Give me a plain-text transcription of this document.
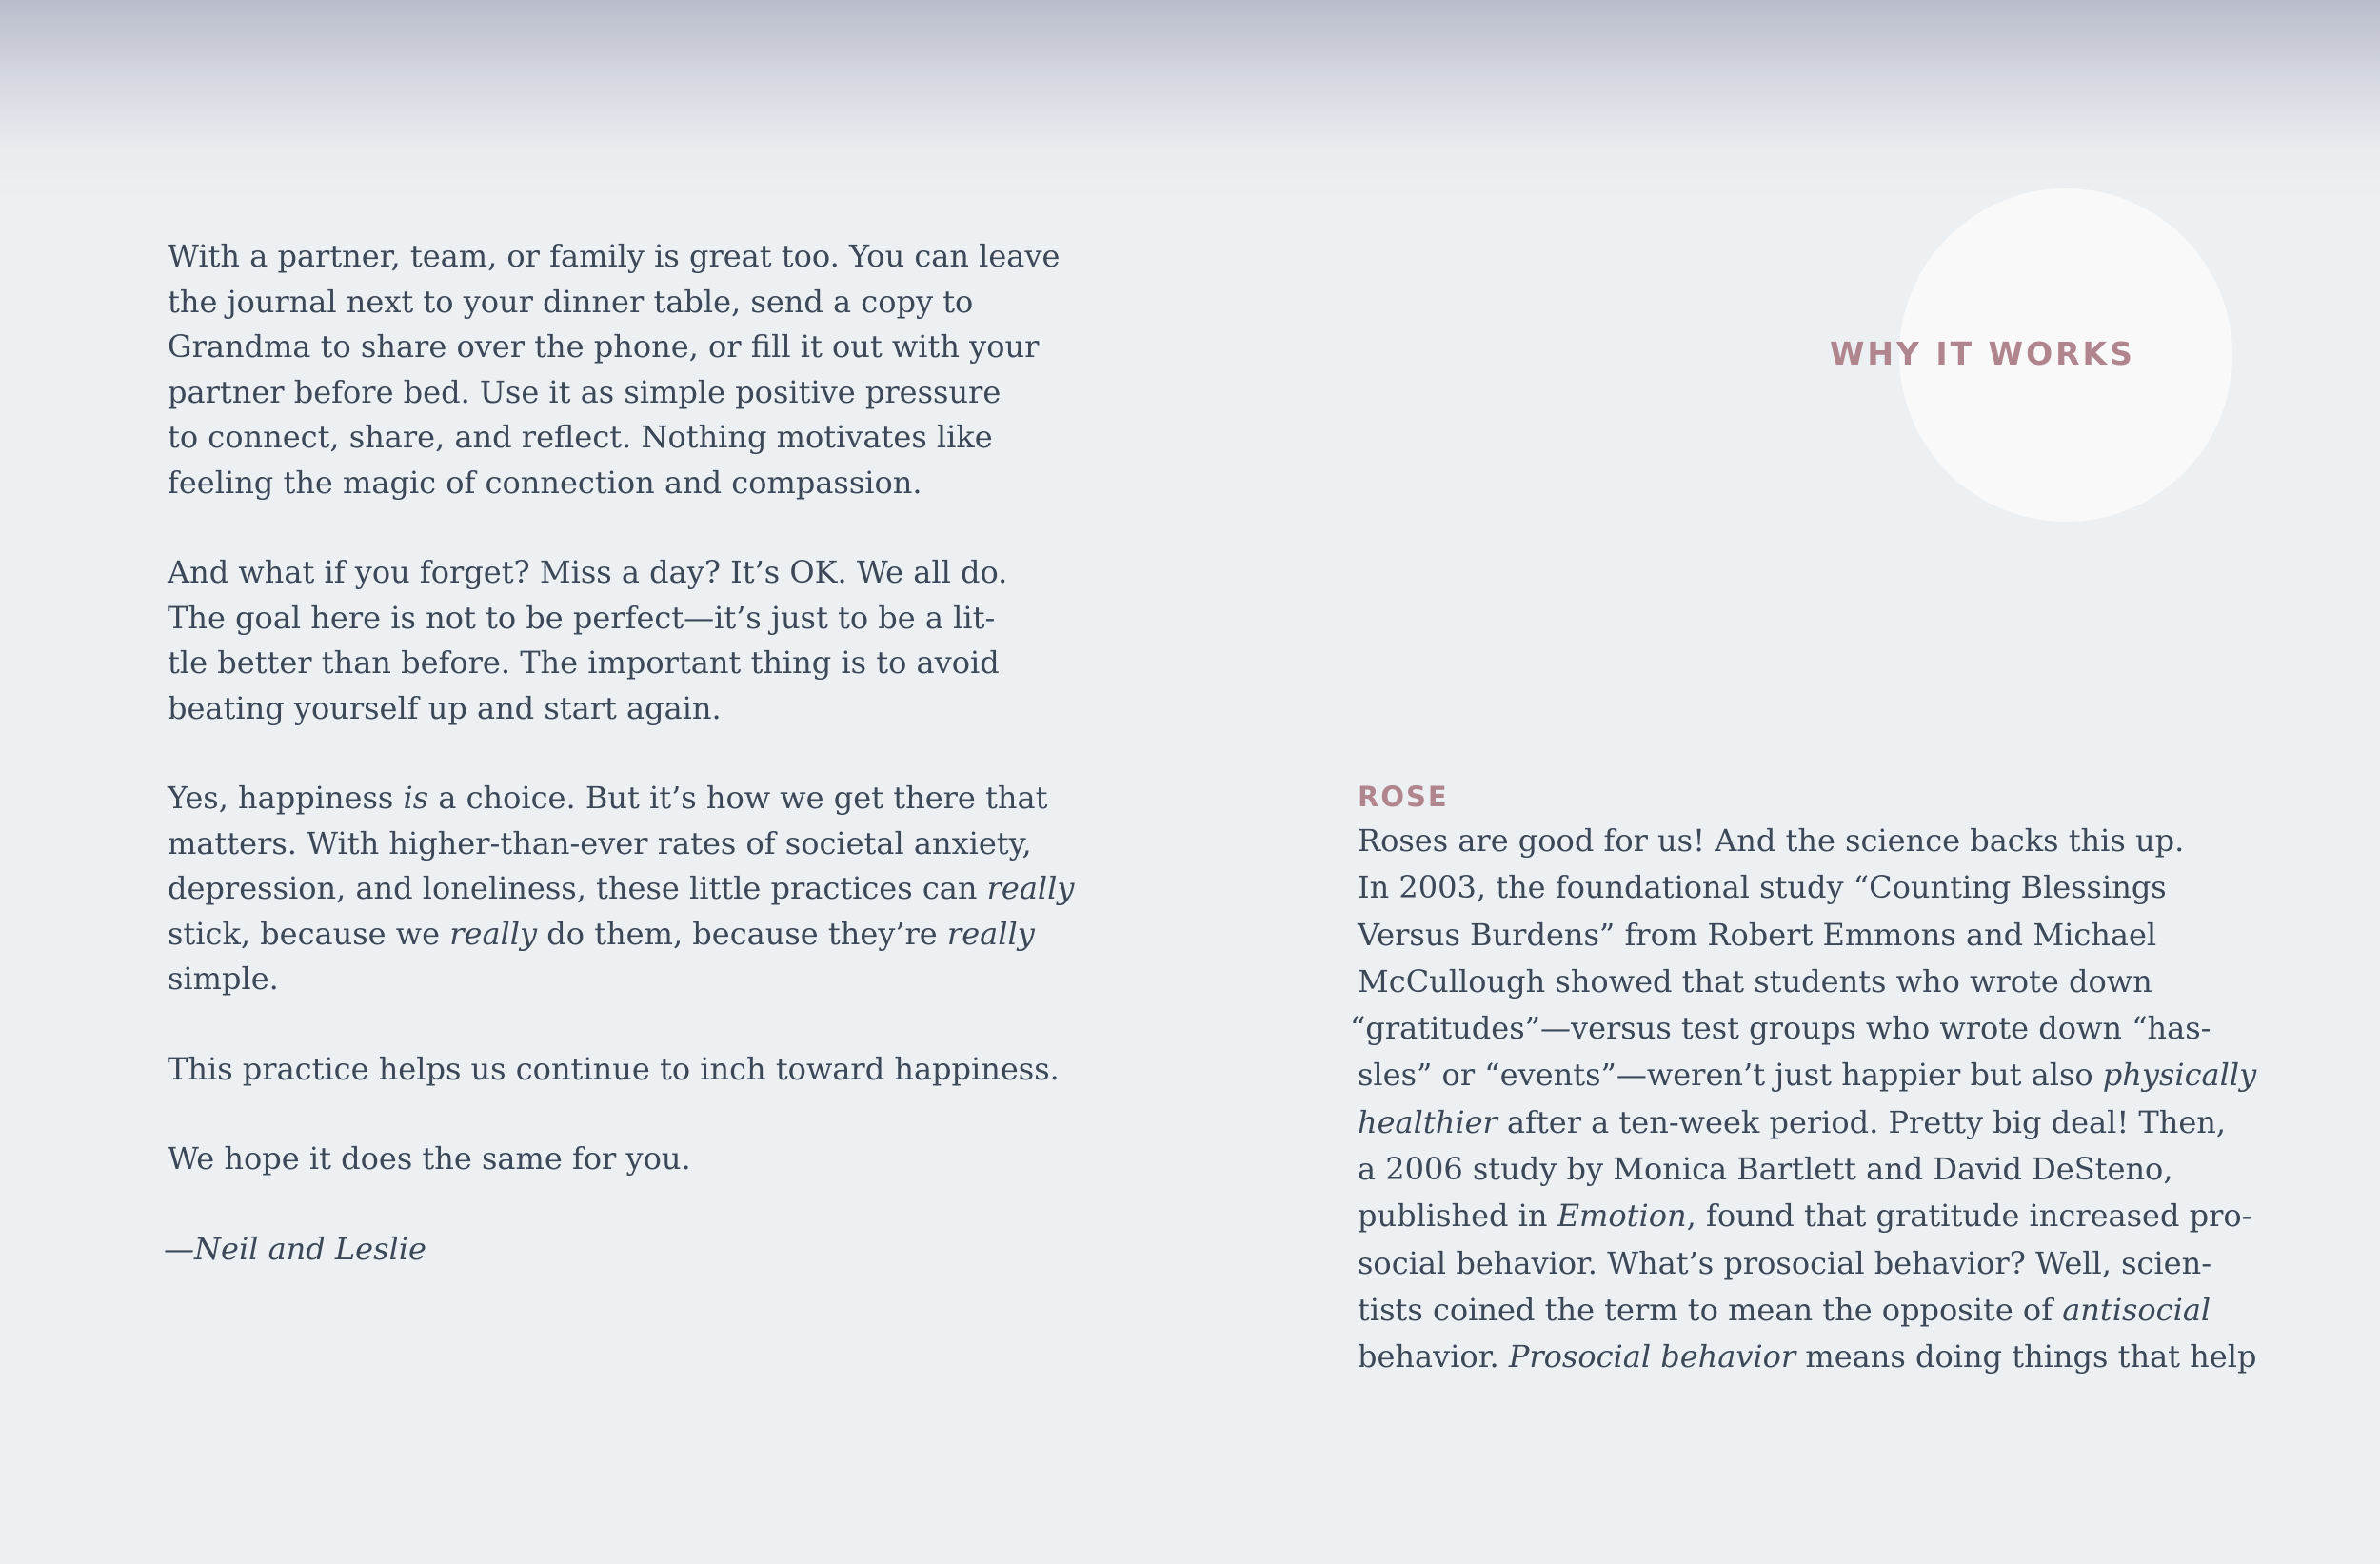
With a partner, team, or family is great too. You can leave
the journal next to your dinner table, send a copy to
Grandma to share over the phone, or fill it out with your
partner before bed. Use it as simple positive pressure
to connect, share, and reflect. Nothing motivates like
feeling the magic of connection and compassion.

And what if you forget? Miss a day? It’s OK. We all do.
The goal here is not to be perfect—it’s just to be a lit-
tle better than before. The important thing is to avoid
beating yourself up and start again.

Yes, happiness is a choice. But it’s how we get there that
matters. With higher-than-ever rates of societal anxiety,
depression, and loneliness, these little practices can really
stick, because we really do them, because they’re really
simple.

This practice helps us continue to inch toward happiness.

We hope it does the same for you.

—Neil and Leslie

WHY IT WORKS
ROSE

Roses are good for us! And the science backs this up.
In 2003, the foundational study “Counting Blessings
Versus Burdens” from Robert Emmons and Michael
McCullough showed that students who wrote down
“gratitudes”—versus test groups who wrote down “has-
sles” or “events”—weren’t just happier but also physically
healthier after a ten-week period. Pretty big deal! Then,
a 2006 study by Monica Bartlett and David DeSteno,
published in Emotion, found that gratitude increased pro-
social behavior. What’s prosocial behavior? Well, scien-
tists coined the term to mean the opposite of antisocial
behavior. Prosocial behavior means doing things that help
